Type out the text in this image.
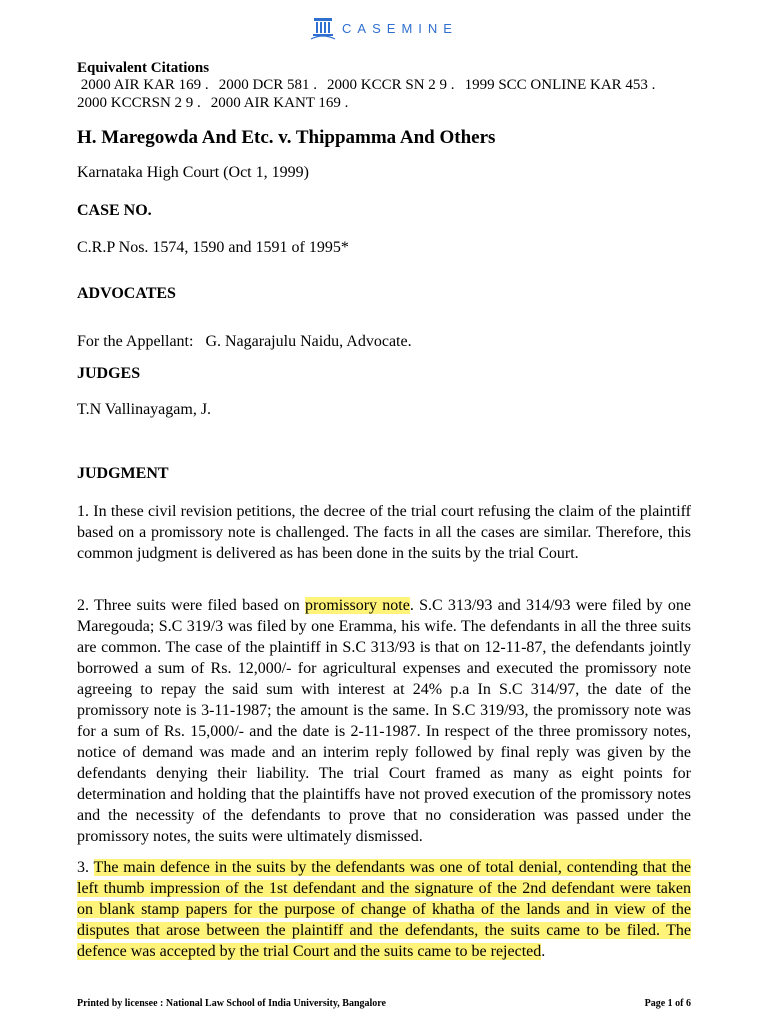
CASEMINE
Equivalent Citations
2000 AIR KAR 169 . 2000 DCR 581 . 2000 KCCR SN 2 9 . 1999 SCC ONLINE KAR 453 .
2000 KCCRSN 2 9 . 2000 AIR KANT 169 .
H. Maregowda And Etc. v. Thippamma And Others
Karnataka High Court (Oct 1, 1999)
CASE NO.
C.R.P Nos. 1574, 1590 and 1591 of 1995*
ADVOCATES
For the Appellant: G. Nagarajulu Naidu, Advocate.
JUDGES
T.N Vallinayagam, J.
JUDGMENT
1. In these civil revision petitions, the decree of the trial court refusing the claim of the plaintiff based on a promissory note is challenged. The facts in all the cases are similar. Therefore, this common judgment is delivered as has been done in the suits by the trial Court.
2. Three suits were filed based on promissory note. S.C 313/93 and 314/93 were filed by one Maregouda; S.C 319/3 was filed by one Eramma, his wife. The defendants in all the three suits are common. The case of the plaintiff in S.C 313/93 is that on 12-11-87, the defendants jointly borrowed a sum of Rs. 12,000/- for agricultural expenses and executed the promissory note agreeing to repay the said sum with interest at 24% p.a In S.C 314/97, the date of the promissory note is 3-11-1987; the amount is the same. In S.C 319/93, the promissory note was for a sum of Rs. 15,000/- and the date is 2-11-1987. In respect of the three promissory notes, notice of demand was made and an interim reply followed by final reply was given by the defendants denying their liability. The trial Court framed as many as eight points for determination and holding that the plaintiffs have not proved execution of the promissory notes and the necessity of the defendants to prove that no consideration was passed under the promissory notes, the suits were ultimately dismissed.
3. The main defence in the suits by the defendants was one of total denial, contending that the left thumb impression of the 1st defendant and the signature of the 2nd defendant were taken on blank stamp papers for the purpose of change of khatha of the lands and in view of the disputes that arose between the plaintiff and the defendants, the suits came to be filed. The defence was accepted by the trial Court and the suits came to be rejected.
Printed by licensee : National Law School of India University, Bangalore	Page 1 of 6
